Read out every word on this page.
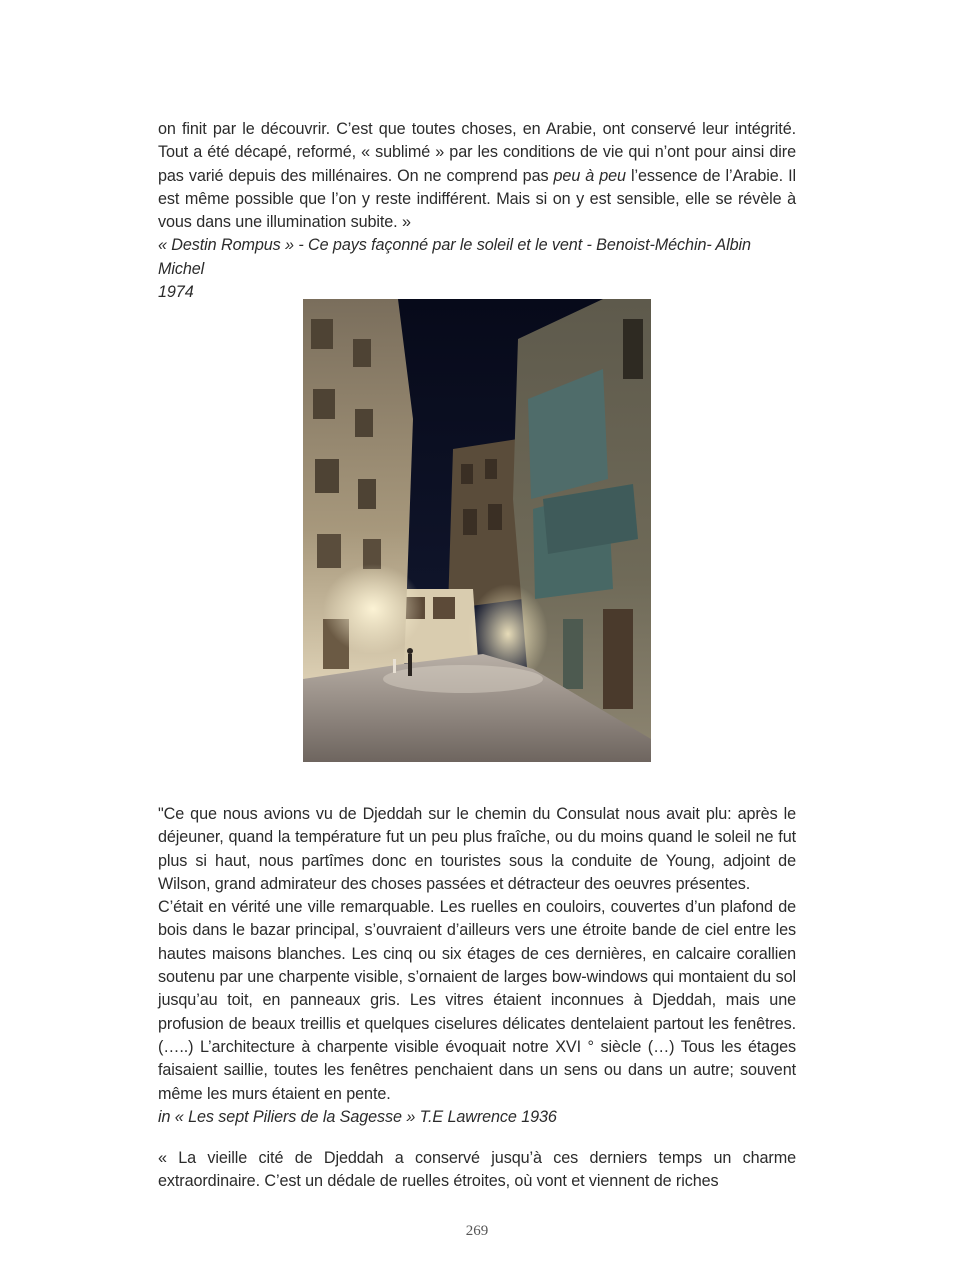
on finit par le découvrir. C’est que toutes choses, en Arabie, ont conservé leur intégrité. Tout a été décapé, reformé, « sublimé » par les conditions de vie qui n’ont pour ainsi dire pas varié depuis des millénaires. On ne comprend pas peu à peu l’essence de l’Arabie. Il est même possible que l’on y reste indifférent. Mais si on y est sensible, elle se révèle à vous dans une illumination subite. »

« Destin Rompus » - Ce pays façonné par le soleil et le vent - Benoist-Méchin- Albin Michel
1974

"Ce que nous avions vu de Djeddah sur le chemin du Consulat nous avait plu: après le déjeuner, quand la température fut un peu plus fraîche, ou du moins quand le soleil ne fut plus si haut, nous partîmes donc en touristes sous la conduite de Young, adjoint de Wilson, grand admirateur des choses passées et détracteur des oeuvres présentes.

C’était en vérité une ville remarquable. Les ruelles en couloirs, couvertes d’un plafond de bois dans le bazar principal, s’ouvraient d’ailleurs vers une étroite bande de ciel entre les hautes maisons blanches. Les cinq ou six étages de ces dernières, en calcaire corallien soutenu par une charpente visible, s’ornaient de larges bow-windows qui montaient du sol jusqu’au toit, en panneaux gris. Les vitres étaient inconnues à Djeddah, mais une profusion de beaux treillis et quelques ciselures délicates dentelaient partout les fenêtres. (…..) L’architecture à charpente visible évoquait notre XVI ° siècle (…) Tous les étages faisaient saillie, toutes les fenêtres penchaient dans un sens ou dans un autre; souvent même les murs étaient en pente.

in « Les sept Piliers de la Sagesse » T.E Lawrence 1936

« La vieille cité de Djeddah a conservé jusqu’à ces derniers temps un charme extraordinaire. C’est un dédale de ruelles étroites, où vont et viennent de riches

269
